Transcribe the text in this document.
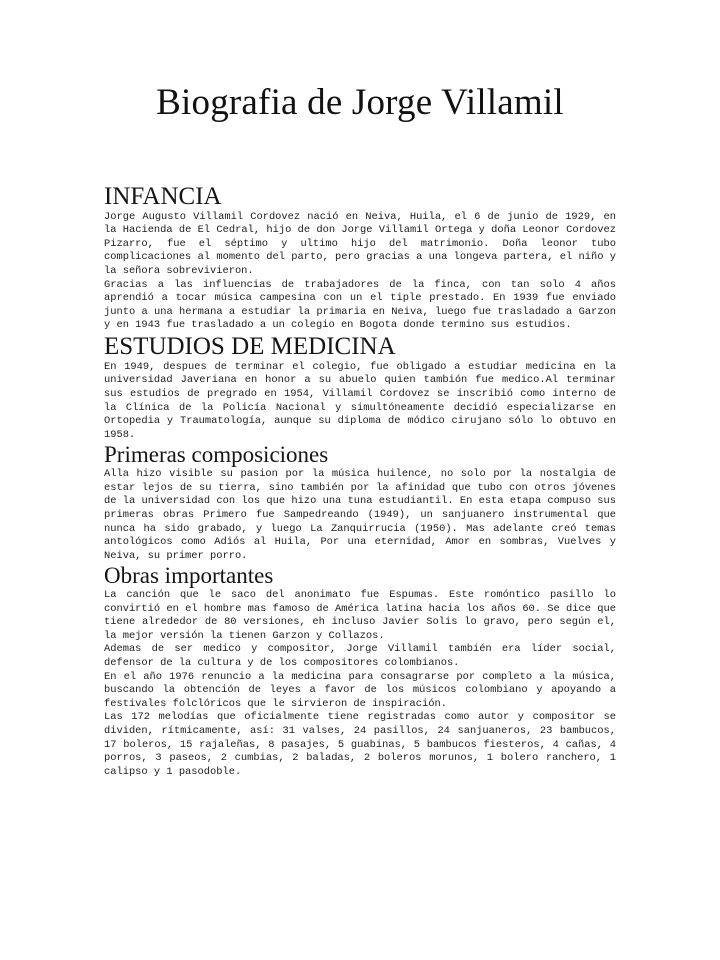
Biografia de Jorge Villamil
INFANCIA

Jorge Augusto Villamil Cordovez nació en Neiva, Huila, el 6 de junio de 1929, en la Hacienda de El Cedral, hijo de don Jorge Villamil Ortega y doña Leonor Cordovez Pizarro, fue el séptimo y ultimo hijo del matrimonio. Doña leonor tubo complicaciones al momento del parto, pero gracias a una longeva partera, el niño y la señora sobrevivieron.

Gracias a las influencias de trabajadores de la finca, con tan solo 4 años aprendió a tocar música campesina con un el tiple prestado. En 1939 fue enviado junto a una hermana a estudiar la primaria en Neiva, luego fue trasladado a Garzon y en 1943 fue trasladado a un colegio en Bogota donde termino sus estudios.

ESTUDIOS DE MEDICINA

En 1949, despues de terminar el colegio, fue obligado a estudiar medicina en la universidad Javeriana en honor a su abuelo quien tambión fue medico.Al terminar sus estudios de pregrado en 1954, Villamil Cordovez se inscribió como interno de la Clínica de la Policía Nacional y simultóneamente decidió especializarse en Ortopedia y Traumatología, aunque su diploma de módico cirujano sólo lo obtuvo en 1958.

Primeras composiciones

Alla hizo visible su pasion por la música huilence, no solo por la nostalgia de estar lejos de su tierra, sino también por la afinidad que tubo con otros jóvenes de la universidad con los que hizo una tuna estudiantil. En esta etapa compuso sus primeras obras Primero fue Sampedreando (1949), un sanjuanero instrumental que nunca ha sido grabado, y luego La Zanquirrucia (1950). Mas adelante creó temas antológicos como Adiós al Huila, Por una eternidad, Amor en sombras, Vuelves y Neiva, su primer porro.

Obras importantes

La canción que le saco del anonimato fue Espumas. Este romóntico pasillo lo convirtió en el hombre mas famoso de América latina hacia los años 60. Se dice que tiene alrededor de 80 versiones, eh incluso Javier Solis lo gravo, pero según el, la mejor versión la tienen Garzon y Collazos.

Ademas de ser medico y compositor, Jorge Villamil también era líder social, defensor de la cultura y de los compositores colombianos.

En el año 1976 renuncio a la medicina para consagrarse por completo a la música, buscando la obtención de leyes a favor de los músicos colombiano y apoyando a festivales folclóricos que le sirvieron de inspiración.

Las 172 melodías que oficialmente tiene registradas como autor y compositor se dividen, rítmicamente, así: 31 valses, 24 pasillos, 24 sanjuaneros, 23 bambucos, 17 boleros, 15 rajaleñas, 8 pasajes, 5 guabinas, 5 bambucos fiesteros, 4 cañas, 4 porros, 3 paseos, 2 cumbias, 2 baladas, 2 boleros morunos, 1 bolero ranchero, 1 calipso y 1 pasodoble.
